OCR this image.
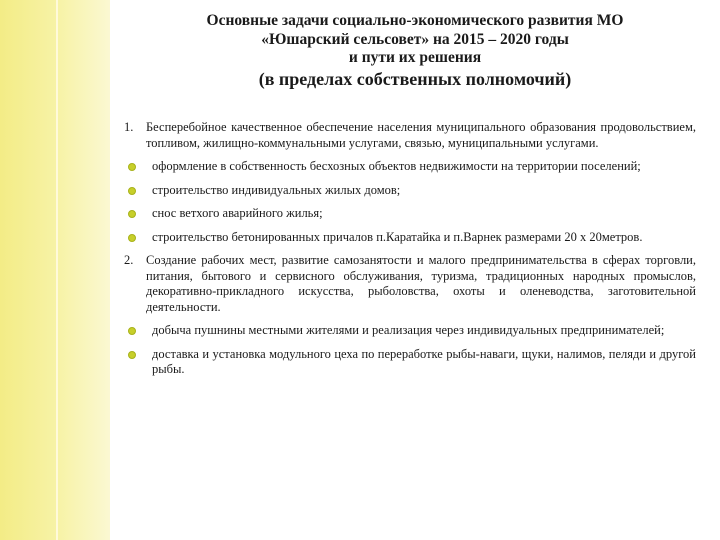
Основные задачи социально-экономического развития МО
«Юшарский сельсовет» на 2015 – 2020 годы
и пути их решения
(в пределах собственных полномочий)
1.	Бесперебойное качественное обеспечение населения муниципального образования продовольствием, топливом, жилищно-коммунальными услугами, связью, муниципальными услугами.
оформление в собственность бесхозных объектов недвижимости на территории поселений;
строительство индивидуальных жилых домов;
снос ветхого аварийного жилья;
строительство бетонированных причалов п.Каратайка и п.Варнек размерами 20 х 20метров.
2.	Создание рабочих мест, развитие самозанятости и малого предпринимательства в сферах торговли, питания, бытового и сервисного обслуживания, туризма, традиционных народных промыслов, декоративно-прикладного искусства, рыболовства, охоты и оленеводства, заготовительной деятельности.
добыча пушнины местными жителями и реализация через индивидуальных предпринимателей;
доставка и установка модульного цеха по переработке рыбы-наваги, щуки, налимов, пеляди и другой рыбы.
